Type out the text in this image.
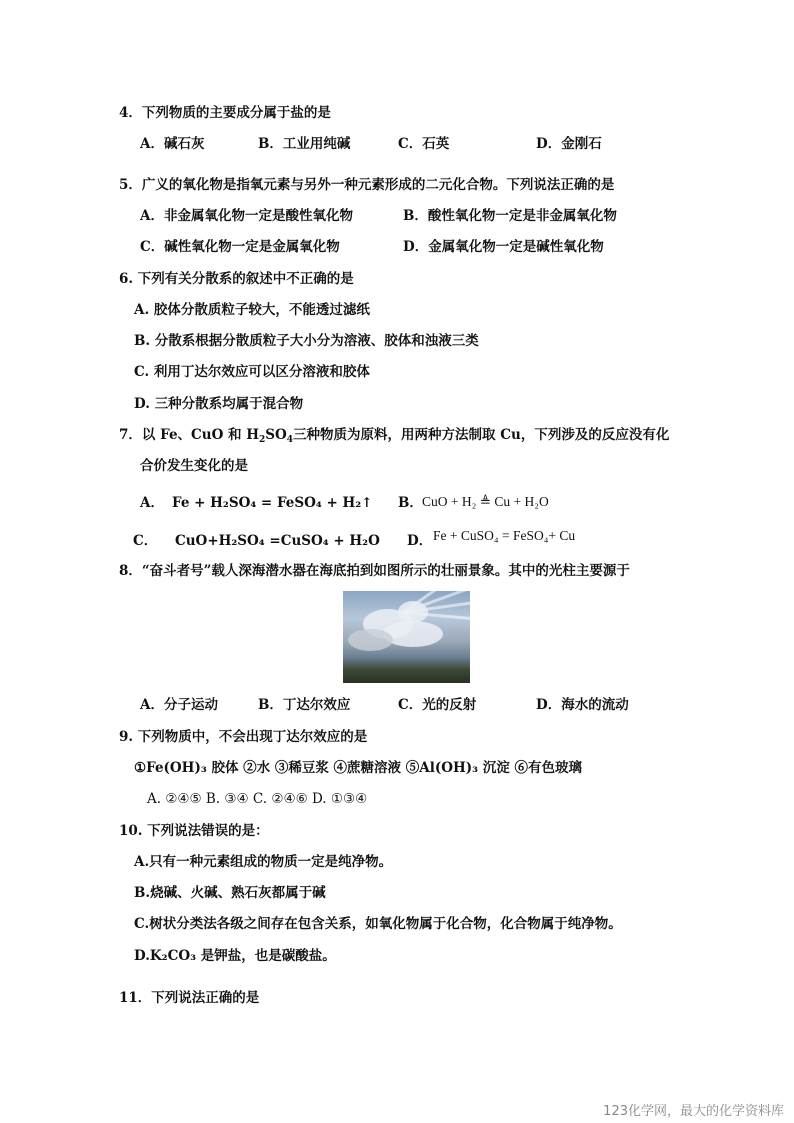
4．下列物质的主要成分属于盐的是
A．碱石灰	B．工业用纯碱	C．石英	D．金刚石
5．广义的氧化物是指氧元素与另外一种元素形成的二元化合物。下列说法正确的是
A．非金属氧化物一定是酸性氧化物	B．酸性氧化物一定是非金属氧化物
C．碱性氧化物一定是金属氧化物	D．金属氧化物一定是碱性氧化物
6. 下列有关分散系的叙述中不正确的是
A. 胶体分散质粒子较大，不能透过滤纸
B. 分散系根据分散质粒子大小分为溶液、胶体和浊液三类
C. 利用丁达尔效应可以区分溶液和胶体
D. 三种分散系均属于混合物
7．以 Fe、CuO 和 $H_2SO_4$三种物质为原料，用两种方法制取 Cu，下列涉及的反应没有化
合价发生变化的是
A． Fe + H₂SO₄ = FeSO₄ + H₂↑ B． CuO + H₂ ≜ Cu + H₂O
C． CuO+H₂SO₄ =CuSO₄ + H₂O D． Fe + CuSO₄ = FeSO₄+ Cu
8．“奋斗者号”载人深海潜水器在海底拍到如图所示的壮丽景象。其中的光柱主要源于
A．分子运动	B．丁达尔效应	C．光的反射	D．海水的流动
9. 下列物质中，不会出现丁达尔效应的是
①Fe(OH)₃ 胶体 ②水 ③稀豆浆 ④蔗糖溶液 ⑤Al(OH)₃ 沉淀 ⑥有色玻璃
A. ②④⑤ B. ③④ C. ②④⑥ D. ①③④
10. 下列说法错误的是：
A.只有一种元素组成的物质一定是纯净物。
B.烧碱、火碱、熟石灰都属于碱
C.树状分类法各级之间存在包含关系，如氧化物属于化合物，化合物属于纯净物。
D.K₂CO₃ 是钾盐，也是碳酸盐。
11．下列说法正确的是
123化学网，最大的化学资料库
